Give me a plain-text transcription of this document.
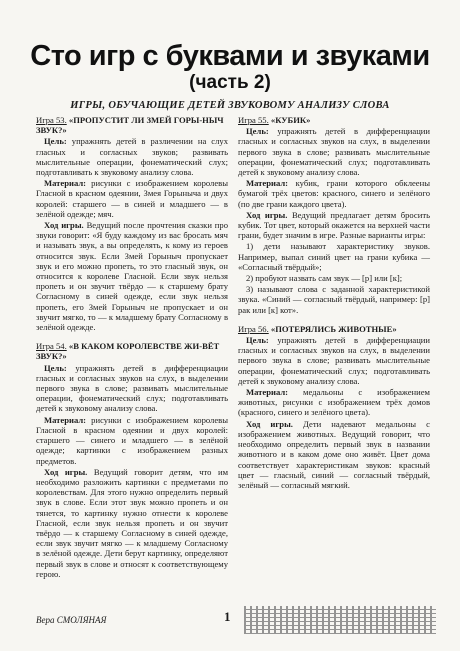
Сто игр с буквами и звуками
(часть 2)
ИГРЫ, ОБУЧАЮЩИЕ ДЕТЕЙ ЗВУКОВОМУ АНАЛИЗУ СЛОВА
Игра 53. «ПРОПУСТИТ ЛИ ЗМЕЙ ГОРЫ-НЫЧ ЗВУК?»

Цель: упражнять детей в различении на слух гласных и согласных звуков; развивать мыслительные операции, фонематический слух; подготавливать к звуковому анализу слова.

Материал: рисунки с изображением королевы Гласной в красном одеянии, Змея Горыныча и двух королей: старшего — в синей и младшего — в зелёной одежде; мяч.

Ход игры. Ведущий после прочтения сказки про звуки говорит: «Я буду каждому из вас бросать мяч и называть звук, а вы определять, к кому из героев относится звук. Если Змей Горыныч пропускает звук и его можно пропеть, то это гласный звук, он относится к королеве Гласной. Если звук нельзя пропеть и он звучит твёрдо — к старшему брату Согласному в синей одежде, если звук нельзя пропеть, его Змей Горыныч не пропускает и он звучит мягко, то — к младшему брату Согласному в зелёной одежде.

Игра 54. «В КАКОМ КОРОЛЕВСТВЕ ЖИ-ВЁТ ЗВУК?»

Цель: упражнять детей в дифференциации гласных и согласных звуков на слух, в выделении первого звука в слове; развивать мыслительные операции, фонематический слух; подготавливать детей к звуковому анализу слова.

Материал: рисунки с изображением королевы Гласной в красном одеянии и двух королей: старшего — синего и младшего — в зелёной одежде; картинки с изображением разных предметов.

Ход игры. Ведущий говорит детям, что им необходимо разложить картинки с предметами по королевствам. Для этого нужно определить первый звук в слове. Если этот звук можно пропеть и он тянется, то картинку нужно отнести к королеве Гласной, если звук нельзя пропеть и он звучит твёрдо — к старшему Согласному в синей одежде, если звук звучит мягко — к младшему Согласному в зелёной одежде. Дети берут картинку, определяют первый звук в слове и относят к соответствующему герою.

Игра 55. «КУБИК»

Цель: упражнять детей в дифференциации гласных и согласных звуков на слух, в выделении первого звука в слове; развивать мыслительные операции, фонематический слух; подготавливать детей к звуковому анализу слова.

Материал: кубик, грани которого обклеены бумагой трёх цветов: красного, синего и зелёного (по две грани каждого цвета).

Ход игры. Ведущий предлагает детям бросить кубик. Тот цвет, который окажется на верхней части грани, будет значим в игре. Разные варианты игры:

1) дети называют характеристику звуков. Например, выпал синий цвет на грани кубика — «Согласный твёрдый»;

2) пробуют назвать сам звук — [р] или [к];

3) называют слова с заданной характеристикой звука. «Синий — согласный твёрдый, например: [р] рак или [к] кот».

Игра 56. «ПОТЕРЯЛИСЬ ЖИВОТНЫЕ»

Цель: упражнять детей в дифференциации гласных и согласных звуков на слух, в выделении первого звука в слове; развивать мыслительные операции, фонематический слух; подготавливать детей к звуковому анализу слова.

Материал: медальоны с изображением животных, рисунки с изображением трёх домов (красного, синего и зелёного цвета).

Ход игры. Дети надевают медальоны с изображением животных. Ведущий говорит, что необходимо определить первый звук в названии животного и в каком доме оно живёт. Цвет дома соответствует характеристикам звуков: красный цвет — гласный, синий — согласный твёрдый, зелёный — согласный мягкий.

Вера СМОЛЯНАЯ	1
